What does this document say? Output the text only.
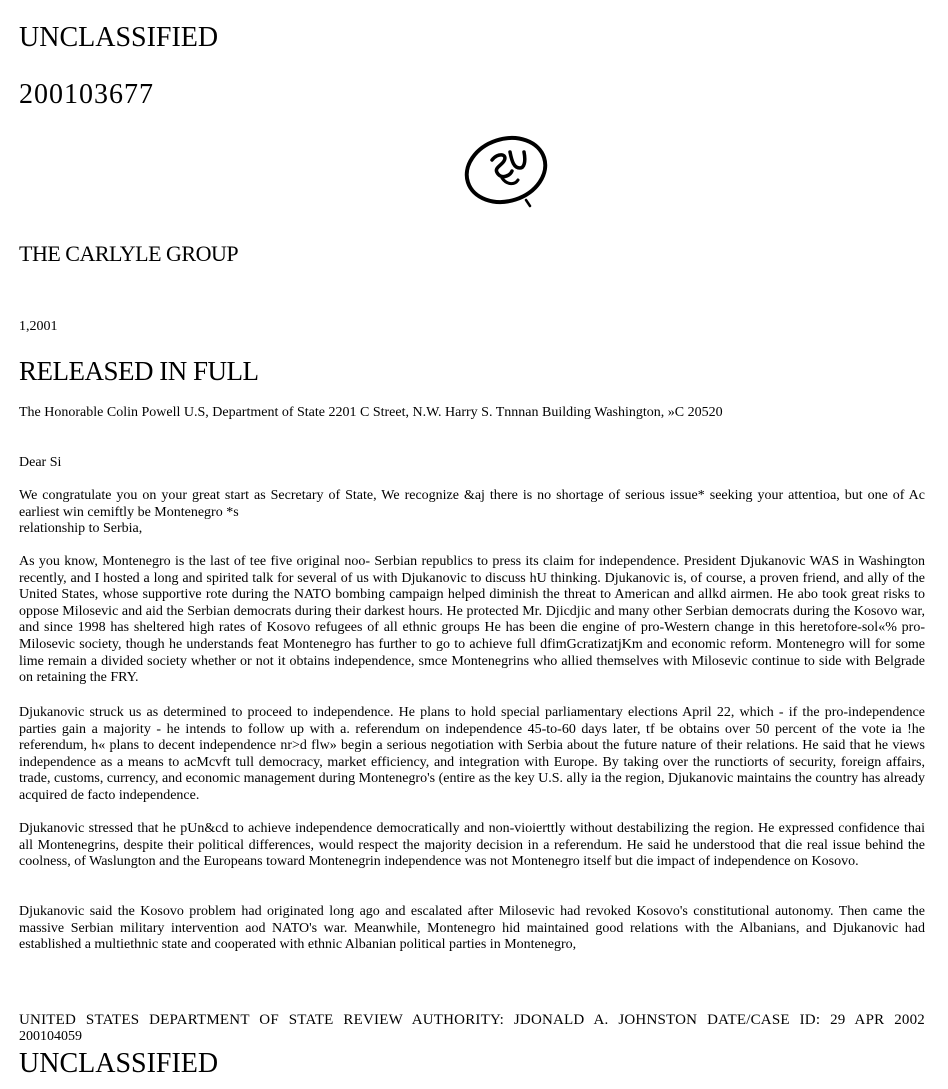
UNCLASSIFIED
200103677
THE CARLYLE GROUP
1,2001
RELEASED IN FULL
The Honorable Colin Powell U.S, Department of State 2201 C Street, N.W. Harry S. Tnnnan Building Washington, »C 20520
Dear Si
We congratulate you on your great start as Secretary of State, We recognize &aj there is no shortage of serious issue* seeking your attentioa, but one of Ac earliest win cemiftly be Montenegro *s
relationship to Serbia,

As you know, Montenegro is the last of tee five original noo- Serbian republics to press its claim for independence. President Djukanovic WAS in Washington recently, and I hosted a long and spirited talk for several of us with Djukanovic to discuss hU thinking. Djukanovic is, of course, a proven friend, and ally of the United States, whose supportive rote during the NATO bombing campaign helped diminish the threat to American and allkd airmen. He abo took great risks to oppose Milosevic and aid the Serbian democrats during their darkest hours. He protected Mr. Djicdjic and many other Serbian democrats during the Kosovo war, and since 1998 has sheltered high rates of Kosovo refugees of all ethnic groups He has been die engine of pro-Western change in this heretofore-sol«% pro-Milosevic society, though he understands feat Montenegro has further to go to achieve full dfimGcratizatjKm and economic reform. Montenegro will for some lime remain a divided society whether or not it obtains independence, smce Montenegrins who allied themselves with Milosevic continue to side with Belgrade on retaining the FRY.

Djukanovic struck us as determined to proceed to independence. He plans to hold special parliamentary elections April 22, which - if the pro-independence parties gain a majority - he intends to follow up with a. referendum on independence 45-to-60 days later, tf be obtains over 50 percent of the vote ia !he referendum, h« plans to decent independence nr>d flw» begin a serious negotiation with Serbia about the future nature of their relations. He said that he views independence as a means to acMcvft tull democracy, market efficiency, and integration with Europe. By taking over the runctiorts of security, foreign affairs, trade, customs, currency, and economic management during Montenegro's (entire as the key U.S. ally ia the region, Djukanovic maintains the country has already acquired de facto independence.

Djukanovic stressed that he pUn&cd to achieve independence democratically and non-vioierttly without destabilizing the region. He expressed confidence thai all Montenegrins, despite their political differences, would respect the majority decision in a referendum. He said he understood that die real issue behind the coolness, of Waslungton and the Europeans toward Montenegrin independence was not Montenegro itself but die impact of independence on Kosovo.

Djukanovic said the Kosovo problem had originated long ago and escalated after Milosevic had revoked Kosovo's constitutional autonomy. Then came the massive Serbian military intervention aod NATO's war. Meanwhile, Montenegro hid maintained good relations with the Albanians, and Djukanovic had established a multiethnic state and cooperated with ethnic Albanian political parties in Montenegro,

UNITED STATES DEPARTMENT OF STATE REVIEW AUTHORITY: JDONALD A. JOHNSTON DATE/CASE ID: 29 APR 2002
200104059
UNCLASSIFIED
